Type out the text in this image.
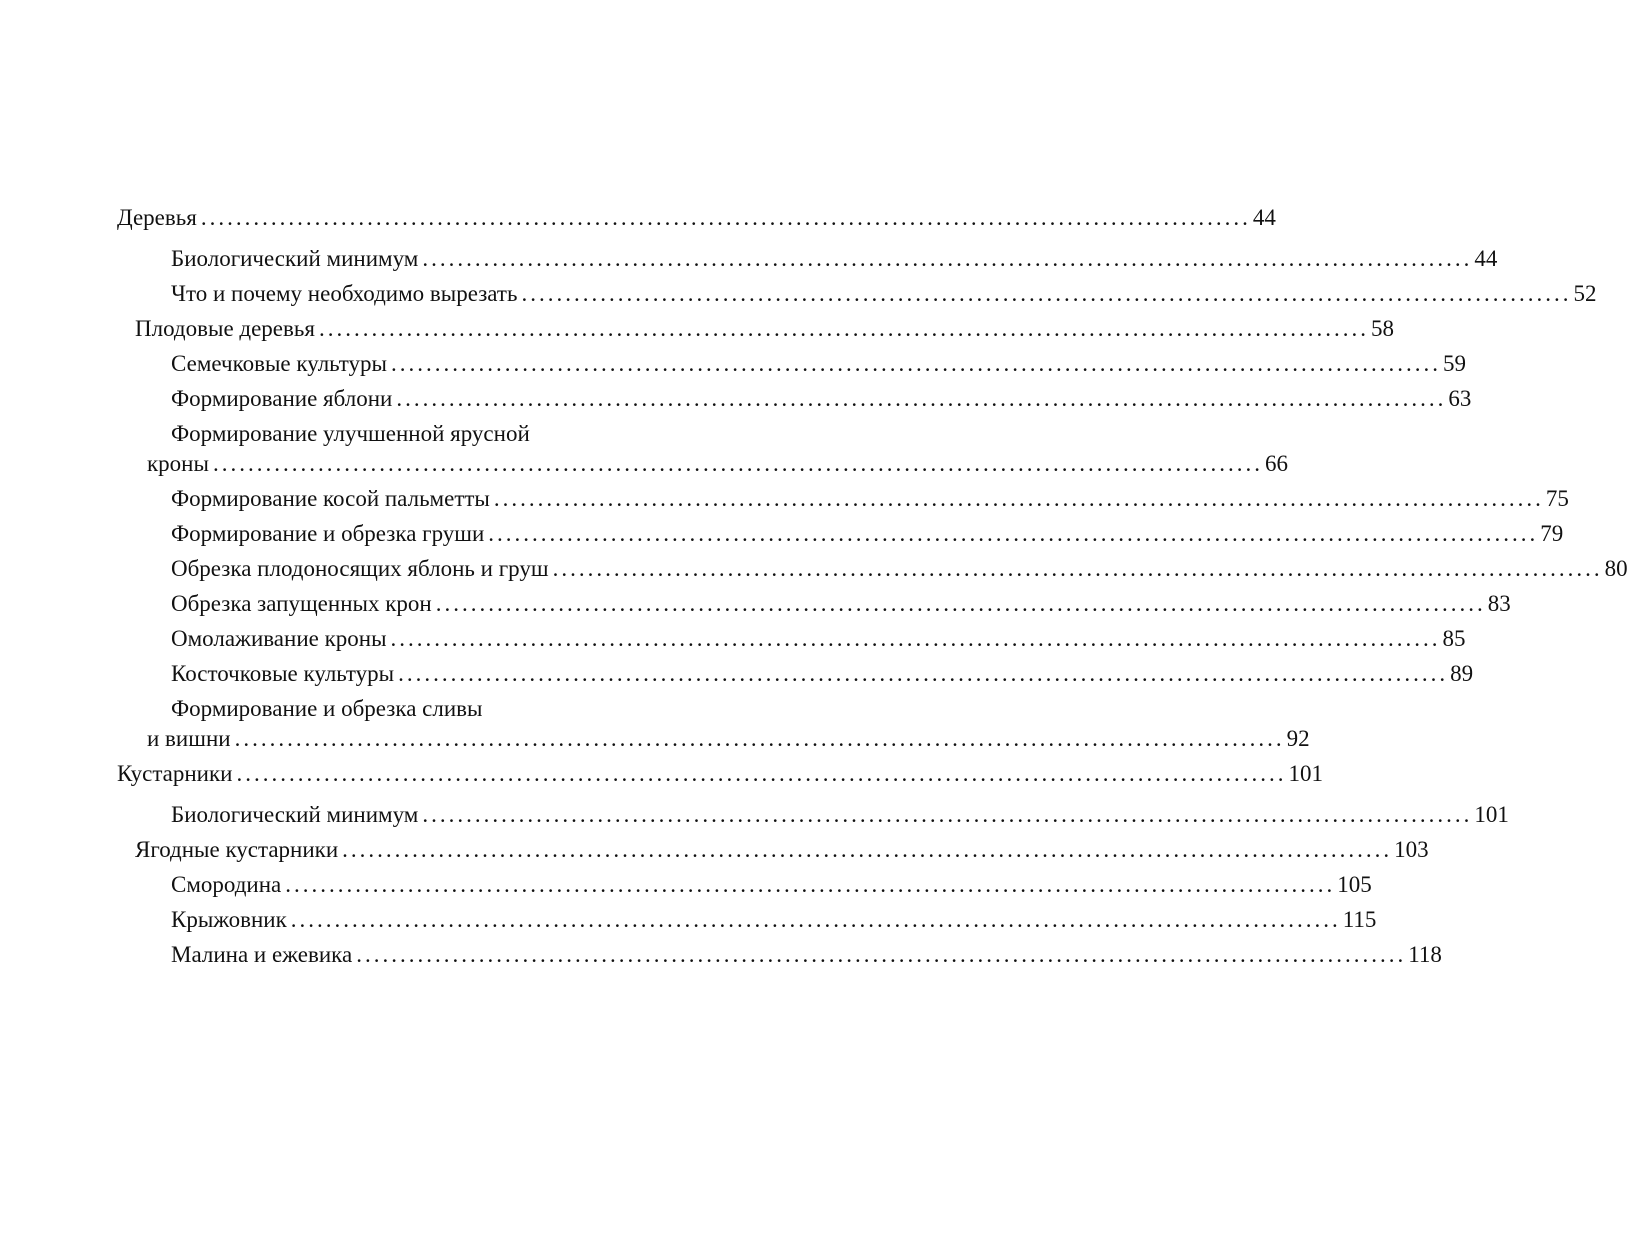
Деревья ........................................................................................................................ 44
Биологический минимум ........................................................................................................................ 44
Что и почему необходимо вырезать ........................................................................................................................ 52
Плодовые деревья ........................................................................................................................ 58
Семечковые культуры ........................................................................................................................ 59
Формирование яблони ........................................................................................................................ 63
Формирование улучшенной ярусной
кроны ........................................................................................................................ 66
Формирование косой пальметты ........................................................................................................................ 75
Формирование и обрезка груши ........................................................................................................................ 79
Обрезка плодоносящих яблонь и груш ........................................................................................................................ 80
Обрезка запущенных крон ........................................................................................................................ 83
Омолаживание кроны ........................................................................................................................ 85
Косточковые культуры ........................................................................................................................ 89
Формирование и обрезка сливы
и вишни ........................................................................................................................ 92
Кустарники ........................................................................................................................ 101
Биологический минимум ........................................................................................................................ 101
Ягодные кустарники ........................................................................................................................ 103
Смородина ........................................................................................................................ 105
Крыжовник ........................................................................................................................ 115
Малина и ежевика ........................................................................................................................ 118
